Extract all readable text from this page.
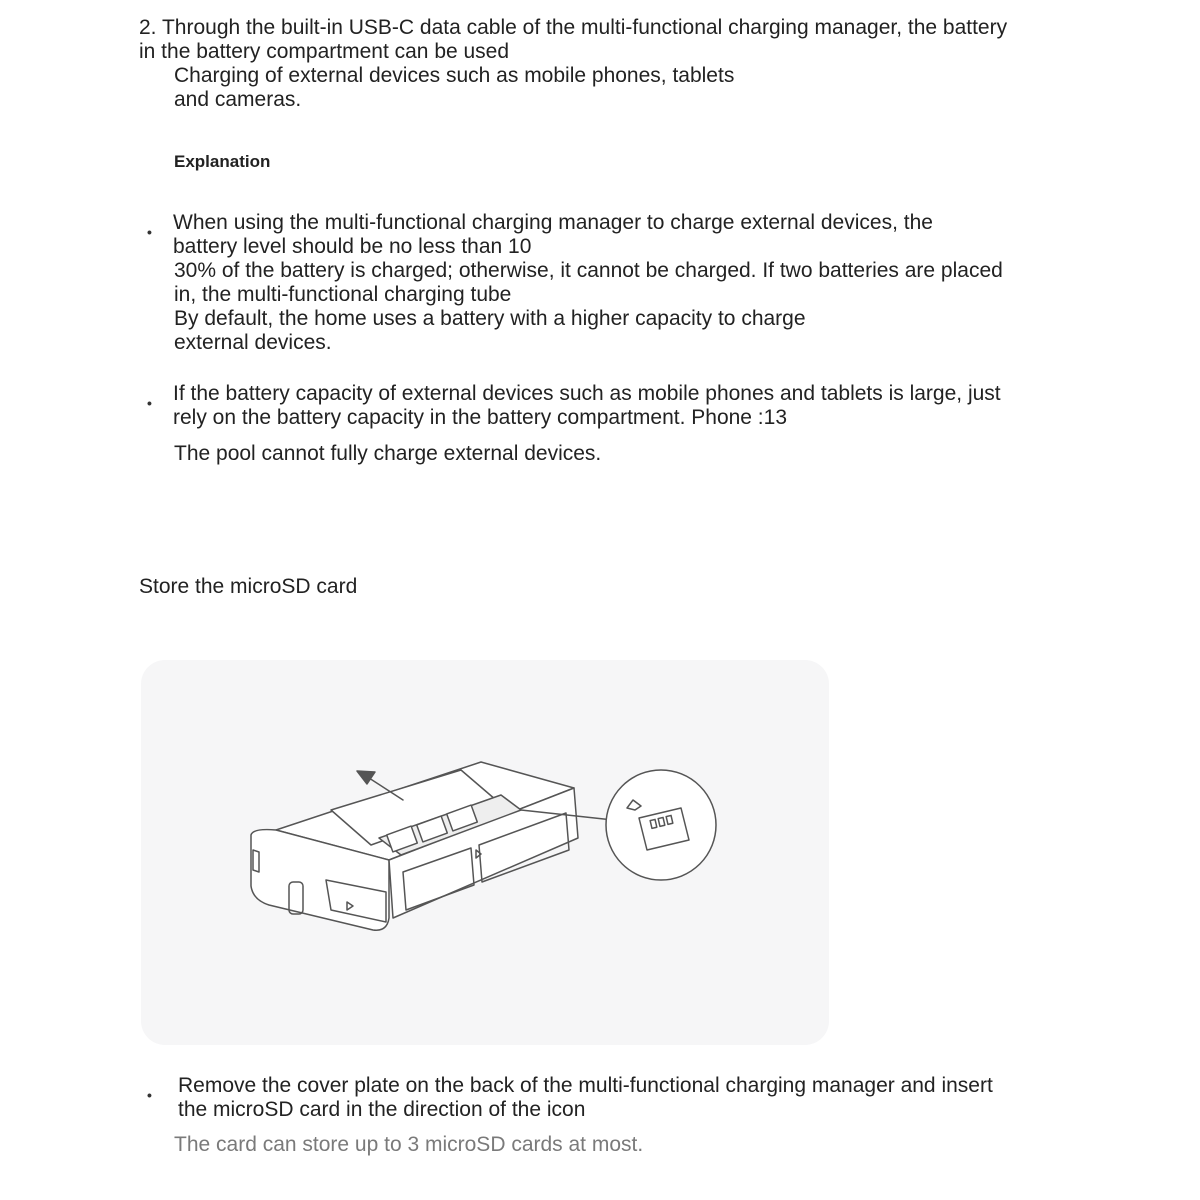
2. Through the built-in USB-C data cable of the multi-functional charging manager, the battery

in the battery compartment can be used

Charging of external devices such as mobile phones, tablets

and cameras.

Explanation

• When using the multi-functional charging manager to charge external devices, the

battery level should be no less than 10

30% of the battery is charged; otherwise, it cannot be charged. If two batteries are placed

in, the multi-functional charging tube

By default, the home uses a battery with a higher capacity to charge

external devices.

• If the battery capacity of external devices such as mobile phones and tablets is large, just

rely on the battery capacity in the battery compartment. Phone :13

The pool cannot fully charge external devices.

Store the microSD card

• Remove the cover plate on the back of the multi-functional charging manager and insert

the microSD card in the direction of the icon

The card can store up to 3 microSD cards at most.
